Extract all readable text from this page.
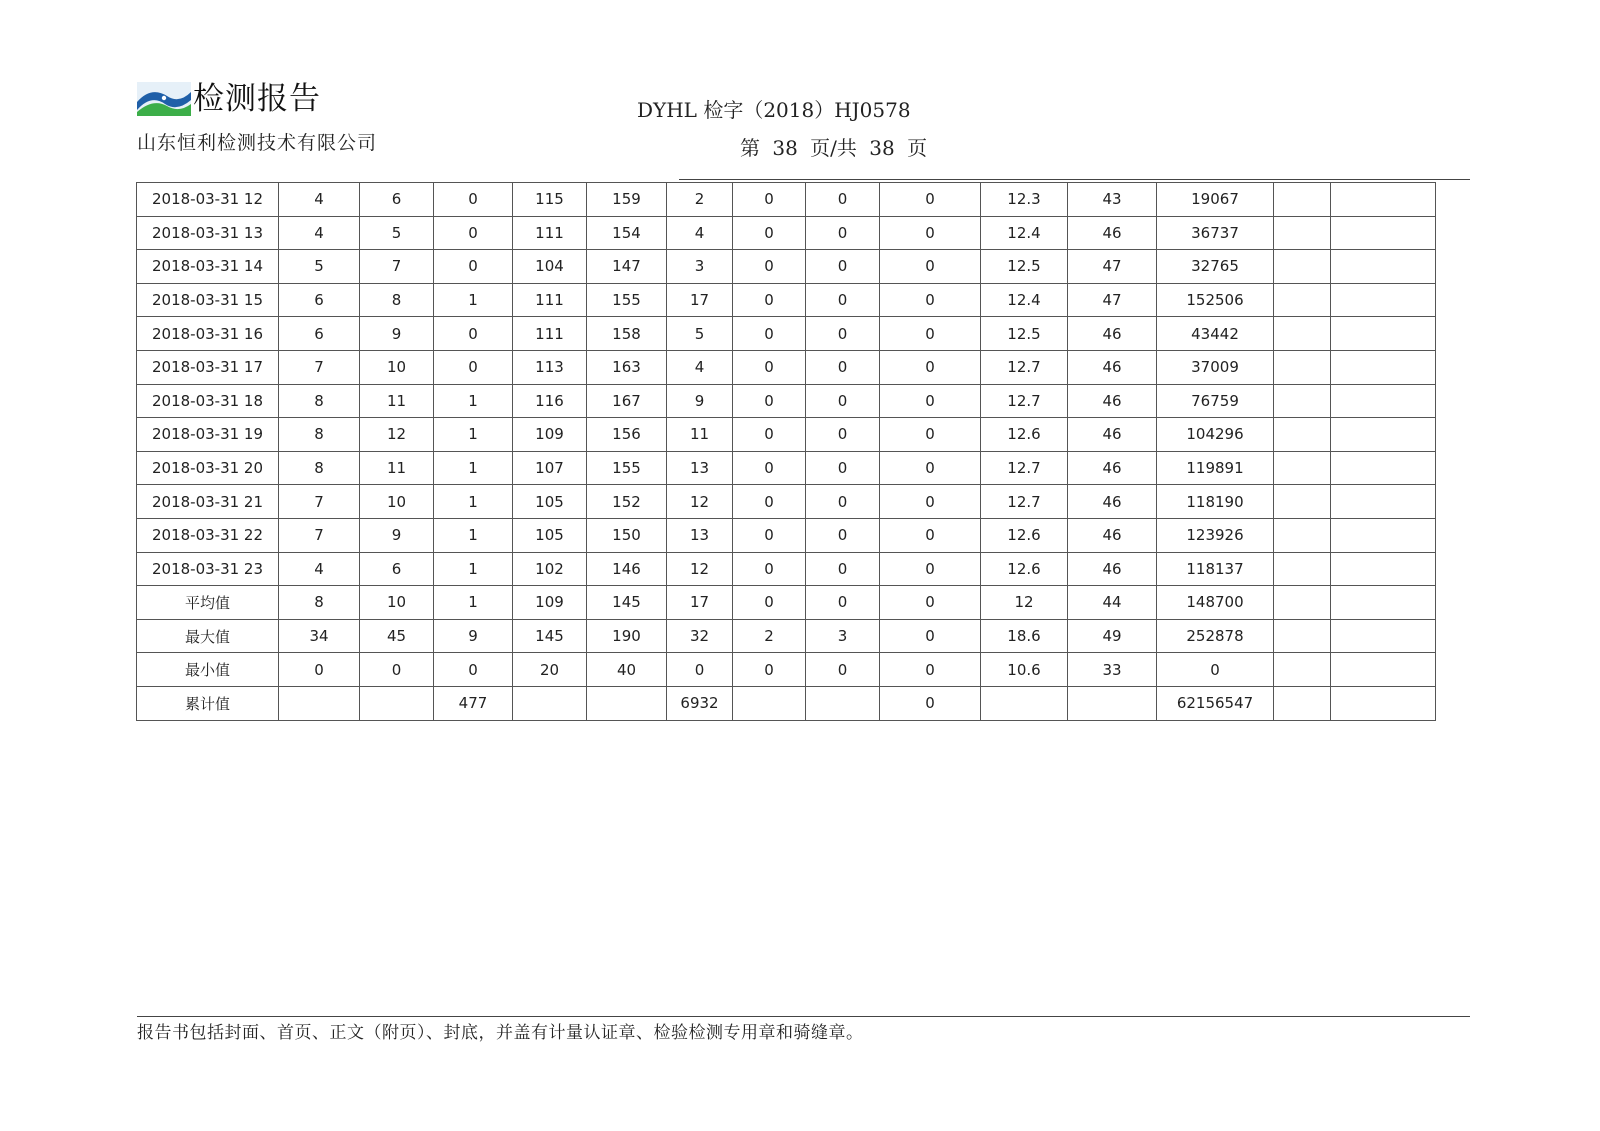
检测报告
山东恒利检测技术有限公司
DYHL 检字（2018）HJ0578
第 38 页/共 38 页
2018-03-31 12	4	6	0	115	159	2	0	0	0	12.3	43	19067		
2018-03-31 13	4	5	0	111	154	4	0	0	0	12.4	46	36737		
2018-03-31 14	5	7	0	104	147	3	0	0	0	12.5	47	32765		
2018-03-31 15	6	8	1	111	155	17	0	0	0	12.4	47	152506		
2018-03-31 16	6	9	0	111	158	5	0	0	0	12.5	46	43442		
2018-03-31 17	7	10	0	113	163	4	0	0	0	12.7	46	37009		
2018-03-31 18	8	11	1	116	167	9	0	0	0	12.7	46	76759		
2018-03-31 19	8	12	1	109	156	11	0	0	0	12.6	46	104296		
2018-03-31 20	8	11	1	107	155	13	0	0	0	12.7	46	119891		
2018-03-31 21	7	10	1	105	152	12	0	0	0	12.7	46	118190		
2018-03-31 22	7	9	1	105	150	13	0	0	0	12.6	46	123926		
2018-03-31 23	4	6	1	102	146	12	0	0	0	12.6	46	118137		
平均值	8	10	1	109	145	17	0	0	0	12	44	148700		
最大值	34	45	9	145	190	32	2	3	0	18.6	49	252878		
最小值	0	0	0	20	40	0	0	0	0	10.6	33	0		
累计值			477			6932			0			62156547		
报告书包括封面、首页、正文（附页）、封底，并盖有计量认证章、检验检测专用章和骑缝章。
